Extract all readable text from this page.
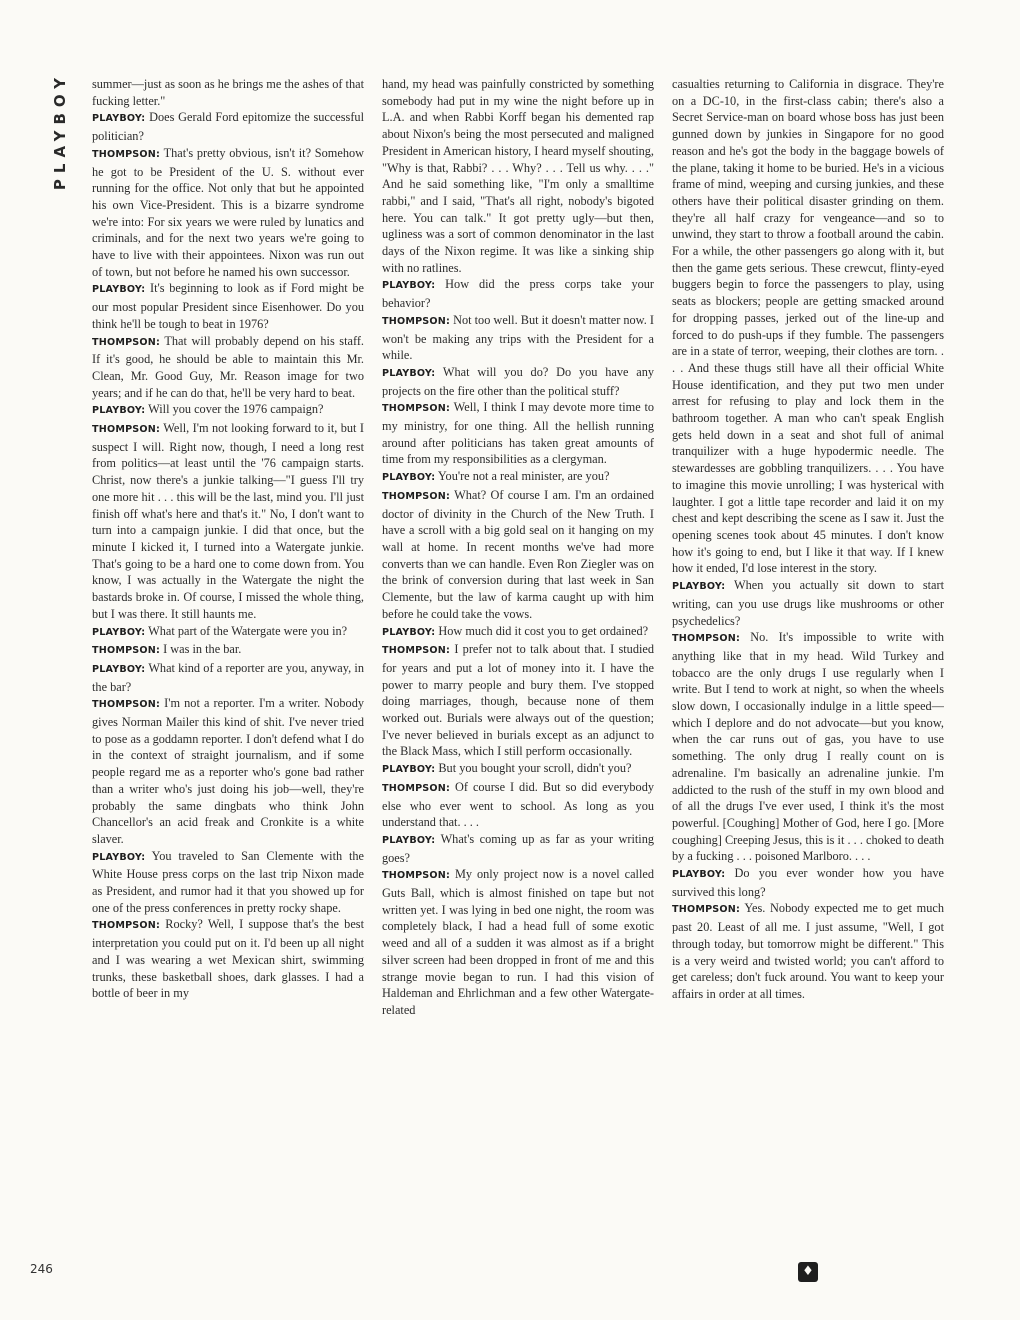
PLAYBOY	summer—just as soon as he brings me the ashes of that fucking letter."

PLAYBOY: Does Gerald Ford epitomize the successful politician?

THOMPSON: That's pretty obvious, isn't it? Somehow he got to be President of the U. S. without ever running for the office. Not only that but he appointed his own Vice-President. This is a bizarre syndrome we're into: For six years we were ruled by lunatics and criminals, and for the next two years we're going to have to live with their appointees. Nixon was run out of town, but not before he named his own successor.

PLAYBOY: It's beginning to look as if Ford might be our most popular President since Eisenhower. Do you think he'll be tough to beat in 1976?

THOMPSON: That will probably depend on his staff. If it's good, he should be able to maintain this Mr. Clean, Mr. Good Guy, Mr. Reason image for two years; and if he can do that, he'll be very hard to beat.

PLAYBOY: Will you cover the 1976 campaign?

THOMPSON: Well, I'm not looking forward to it, but I suspect I will. Right now, though, I need a long rest from politics—at least until the '76 campaign starts. Christ, now there's a junkie talking—"I guess I'll try one more hit . . . this will be the last, mind you. I'll just finish off what's here and that's it." No, I don't want to turn into a campaign junkie. I did that once, but the minute I kicked it, I turned into a Watergate junkie. That's going to be a hard one to come down from. You know, I was actually in the Watergate the night the bastards broke in. Of course, I missed the whole thing, but I was there. It still haunts me.

PLAYBOY: What part of the Watergate were you in?

THOMPSON: I was in the bar.

PLAYBOY: What kind of a reporter are you, anyway, in the bar?

THOMPSON: I'm not a reporter. I'm a writer. Nobody gives Norman Mailer this kind of shit. I've never tried to pose as a goddamn reporter. I don't defend what I do in the context of straight journalism, and if some people regard me as a reporter who's gone bad rather than a writer who's just doing his job—well, they're probably the same dingbats who think John Chancellor's an acid freak and Cronkite is a white slaver.

PLAYBOY: You traveled to San Clemente with the White House press corps on the last trip Nixon made as President, and rumor had it that you showed up for one of the press conferences in pretty rocky shape.

THOMPSON: Rocky? Well, I suppose that's the best interpretation you could put on it. I'd been up all night and I was wearing a wet Mexican shirt, swimming trunks, these basketball shoes, dark glasses. I had a bottle of beer in my

hand, my head was painfully constricted by something somebody had put in my wine the night before up in L.A. and when Rabbi Korff began his demented rap about Nixon's being the most persecuted and maligned President in American history, I heard myself shouting, "Why is that, Rabbi? . . . Why? . . . Tell us why. . . ." And he said something like, "I'm only a smalltime rabbi," and I said, "That's all right, nobody's bigoted here. You can talk." It got pretty ugly—but then, ugliness was a sort of common denominator in the last days of the Nixon regime. It was like a sinking ship with no ratlines.

PLAYBOY: How did the press corps take your behavior?

THOMPSON: Not too well. But it doesn't matter now. I won't be making any trips with the President for a while.

PLAYBOY: What will you do? Do you have any projects on the fire other than the political stuff?

THOMPSON: Well, I think I may devote more time to my ministry, for one thing. All the hellish running around after politicians has taken great amounts of time from my responsibilities as a clergyman.

PLAYBOY: You're not a real minister, are you?

THOMPSON: What? Of course I am. I'm an ordained doctor of divinity in the Church of the New Truth. I have a scroll with a big gold seal on it hanging on my wall at home. In recent months we've had more converts than we can handle. Even Ron Ziegler was on the brink of conversion during that last week in San Clemente, but the law of karma caught up with him before he could take the vows.

PLAYBOY: How much did it cost you to get ordained?

THOMPSON: I prefer not to talk about that. I studied for years and put a lot of money into it. I have the power to marry people and bury them. I've stopped doing marriages, though, because none of them worked out. Burials were always out of the question; I've never believed in burials except as an adjunct to the Black Mass, which I still perform occasionally.

PLAYBOY: But you bought your scroll, didn't you?

THOMPSON: Of course I did. But so did everybody else who ever went to school. As long as you understand that. . . .

PLAYBOY: What's coming up as far as your writing goes?

THOMPSON: My only project now is a novel called Guts Ball, which is almost finished on tape but not written yet. I was lying in bed one night, the room was completely black, I had a head full of some exotic weed and all of a sudden it was almost as if a bright silver screen had been dropped in front of me and this strange movie began to run. I had this vision of Haldeman and Ehrlichman and a few other Watergate-related

casualties returning to California in disgrace. They're on a DC-10, in the first-class cabin; there's also a Secret Service-man on board whose boss has just been gunned down by junkies in Singapore for no good reason and he's got the body in the baggage bowels of the plane, taking it home to be buried. He's in a vicious frame of mind, weeping and cursing junkies, and these others have their political disaster grinding on them. they're all half crazy for vengeance—and so to unwind, they start to throw a football around the cabin. For a while, the other passengers go along with it, but then the game gets serious. These crewcut, flinty-eyed buggers begin to force the passengers to play, using seats as blockers; people are getting smacked around for dropping passes, jerked out of the line-up and forced to do push-ups if they fumble. The passengers are in a state of terror, weeping, their clothes are torn. . . . And these thugs still have all their official White House identification, and they put two men under arrest for refusing to play and lock them in the bathroom together. A man who can't speak English gets held down in a seat and shot full of animal tranquilizer with a huge hypodermic needle. The stewardesses are gobbling tranquilizers. . . . You have to imagine this movie unrolling; I was hysterical with laughter. I got a little tape recorder and laid it on my chest and kept describing the scene as I saw it. Just the opening scenes took about 45 minutes. I don't know how it's going to end, but I like it that way. If I knew how it ended, I'd lose interest in the story.

PLAYBOY: When you actually sit down to start writing, can you use drugs like mushrooms or other psychedelics?

THOMPSON: No. It's impossible to write with anything like that in my head. Wild Turkey and tobacco are the only drugs I use regularly when I write. But I tend to work at night, so when the wheels slow down, I occasionally indulge in a little speed—which I deplore and do not advocate—but you know, when the car runs out of gas, you have to use something. The only drug I really count on is adrenaline. I'm basically an adrenaline junkie. I'm addicted to the rush of the stuff in my own blood and of all the drugs I've ever used, I think it's the most powerful. [Coughing] Mother of God, here I go. [More coughing] Creeping Jesus, this is it . . . choked to death by a fucking . . . poisoned Marlboro. . . .

PLAYBOY: Do you ever wonder how you have survived this long?

THOMPSON: Yes. Nobody expected me to get much past 20. Least of all me. I just assume, "Well, I got through today, but tomorrow might be different." This is a very weird and twisted world; you can't afford to get careless; don't fuck around. You want to keep your affairs in order at all times.

246	♦
